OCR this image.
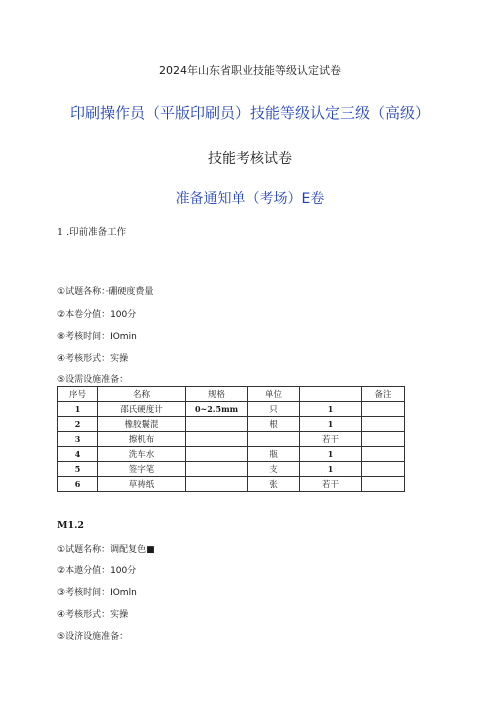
2024年山东省职业技能等级认定试卷
印刷操作员（平版印刷员）技能等级认定三级（高级）
技能考核试卷
准备通知单（考场）E卷
1 .印前准备工作
①试题各称：·硼硬度费量
②本卷分值：100分
⑧考核时间：IOmin
④考核形式：实操
⑤设需设施准备：
序号	名称	规格	单位		备注
1	邵氏硬度计	0~2.5mm	只	1	
2	橡胶鬟混		根	1	
3	擦机布			若干	
4	洗车水		瓶	1	
5	签字笔		支	1	
6	草祷纸		张	若干	
M1.2
①试题名称：调配复色■
②本遨分值：100分
③考核时间：IOmln
④考核形式：实操
⑤设济设施准备：
